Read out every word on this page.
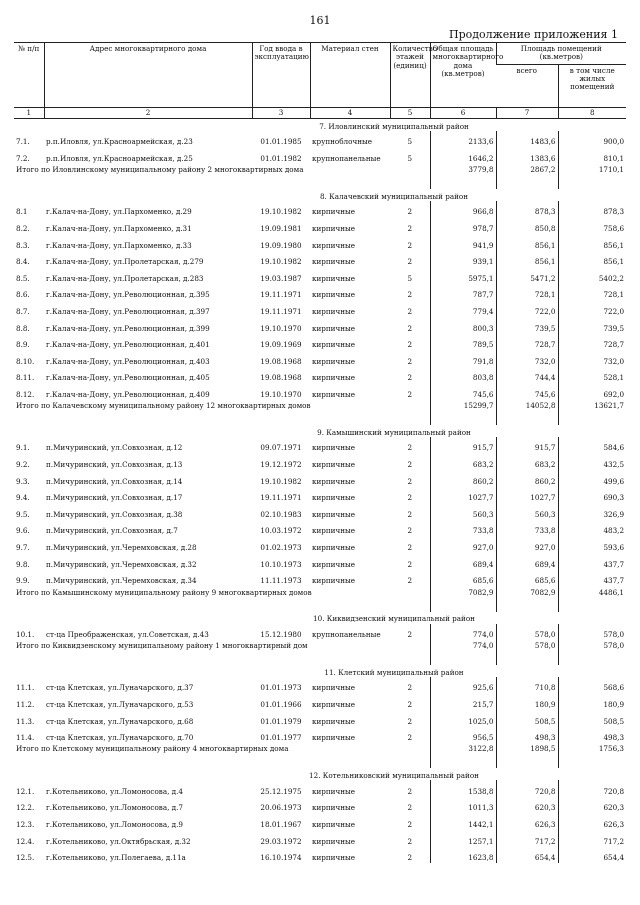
161
Продолжение приложения 1
№ п/п	Адрес многоквартирного дома	Год ввода в эксплуатацию	Материал стен	Количество этажей (единиц)	Общая площадь многоквартирного дома (кв.метров)	Площадь помещений (кв.метров)	
						всего	в том числе жилых помещений
1	2	3	4	5	6	7	8
7. Иловлинский муниципальный район							
7.1.	р.п.Иловля, ул.Красноармейская, д.23	01.01.1985	крупноблочные	5	2133,6	1483,6	900,0
7.2.	р.п.Иловля, ул.Красноармейская, д.25	01.01.1982	крупнопанельные	5	1646,2	1383,6	810,1
Итого по Иловлинскому муниципальному району 2 многоквартирных дома					3779,8	2867,2	1710,1
8. Калачевский муниципальный район							
8.1	г.Калач-на-Дону, ул.Пархоменко, д.29	19.10.1982	кирпичные	2	966,8	878,3	878,3
8.2.	г.Калач-на-Дону, ул.Пархоменко, д.31	19.09.1981	кирпичные	2	978,7	850,8	758,6
8.3.	г.Калач-на-Дону, ул.Пархоменко, д.33	19.09.1980	кирпичные	2	941,9	856,1	856,1
8.4.	г.Калач-на-Дону, ул.Пролетарская, д.279	19.10.1982	кирпичные	2	939,1	856,1	856,1
8.5.	г.Калач-на-Дону, ул.Пролетарская, д.283	19.03.1987	кирпичные	5	5975,1	5471,2	5402,2
8.6.	г.Калач-на-Дону, ул.Революционная, д.395	19.11.1971	кирпичные	2	787,7	728,1	728,1
8.7.	г.Калач-на-Дону, ул.Революционная, д.397	19.11.1971	кирпичные	2	779,4	722,0	722,0
8.8.	г.Калач-на-Дону, ул.Революционная, д.399	19.10.1970	кирпичные	2	800,3	739,5	739,5
8.9.	г.Калач-на-Дону, ул.Революционная, д.401	19.09.1969	кирпичные	2	789,5	728,7	728,7
8.10.	г.Калач-на-Дону, ул.Революционная, д.403	19.08.1968	кирпичные	2	791,8	732,0	732,0
8.11.	г.Калач-на-Дону, ул.Революционная, д.405	19.08.1968	кирпичные	2	803,8	744,4	528,1
8.12.	г.Калач-на-Дону, ул.Революционная, д.409	19.10.1970	кирпичные	2	745,6	745,6	692,0
Итого по Калачевскому муниципальному району 12 многоквартирных домов					15299,7	14052,8	13621,7
9. Камышинский муниципальный район							
9.1.	п.Мичуринский, ул.Совхозная, д.12	09.07.1971	кирпичные	2	915,7	915,7	584,6
9.2.	п.Мичуринский, ул.Совхозная, д.13	19.12.1972	кирпичные	2	683,2	683,2	432,5
9.3.	п.Мичуринский, ул.Совхозная, д.14	19.10.1982	кирпичные	2	860,2	860,2	499,6
9.4.	п.Мичуринский, ул.Совхозная, д.17	19.11.1971	кирпичные	2	1027,7	1027,7	690,3
9.5.	п.Мичуринский, ул.Совхозная, д.38	02.10.1983	кирпичные	2	560,3	560,3	326,9
9.6.	п.Мичуринский, ул.Совхозная, д.7	10.03.1972	кирпичные	2	733,8	733,8	483,2
9.7.	п.Мичуринский, ул.Черемховская, д.28	01.02.1973	кирпичные	2	927,0	927,0	593,6
9.8.	п.Мичуринский, ул.Черемховская, д.32	10.10.1973	кирпичные	2	689,4	689,4	437,7
9.9.	п.Мичуринский, ул.Черемховская, д.34	11.11.1973	кирпичные	2	685,6	685,6	437,7
Итого по Камышинскому муниципальному району 9 многоквартирных домов					7082,9	7082,9	4486,1
10. Киквидзенский муниципальный район							
10.1.	ст-ца Преображенская, ул.Советская, д.43	15.12.1980	крупнопанельные	2	774,0	578,0	578,0
Итого по Киквидзенскому муниципальному району 1 многоквартирный дом					774,0	578,0	578,0
11. Клетский муниципальный район							
11.1.	ст-ца Клетская, ул.Луначарского, д.37	01.01.1973	кирпичные	2	925,6	710,8	568,6
11.2.	ст-ца Клетская, ул.Луначарского, д.53	01.01.1966	кирпичные	2	215,7	180,9	180,9
11.3.	ст-ца Клетская, ул.Луначарского, д.68	01.01.1979	кирпичные	2	1025,0	508,5	508,5
11.4.	ст-ца Клетская, ул.Луначарского, д.70	01.01.1977	кирпичные	2	956,5	498,3	498,3
Итого по Клетскому муниципальному району 4 многоквартирных дома					3122,8	1898,5	1756,3
12. Котельниковский муниципальный район							
12.1.	г.Котельниково, ул.Ломоносова, д.4	25.12.1975	кирпичные	2	1538,8	720,8	720,8
12.2.	г.Котельниково, ул.Ломоносова, д.7	20.06.1973	кирпичные	2	1011,3	620,3	620,3
12.3.	г.Котельниково, ул.Ломоносова, д.9	18.01.1967	кирпичные	2	1442,1	626,3	626,3
12.4.	г.Котельниково, ул.Октябрьская, д.32	29.03.1972	кирпичные	2	1257,1	717,2	717,2
12.5.	г.Котельниково, ул.Полегаева, д.11а	16.10.1974	кирпичные	2	1623,8	654,4	654,4
